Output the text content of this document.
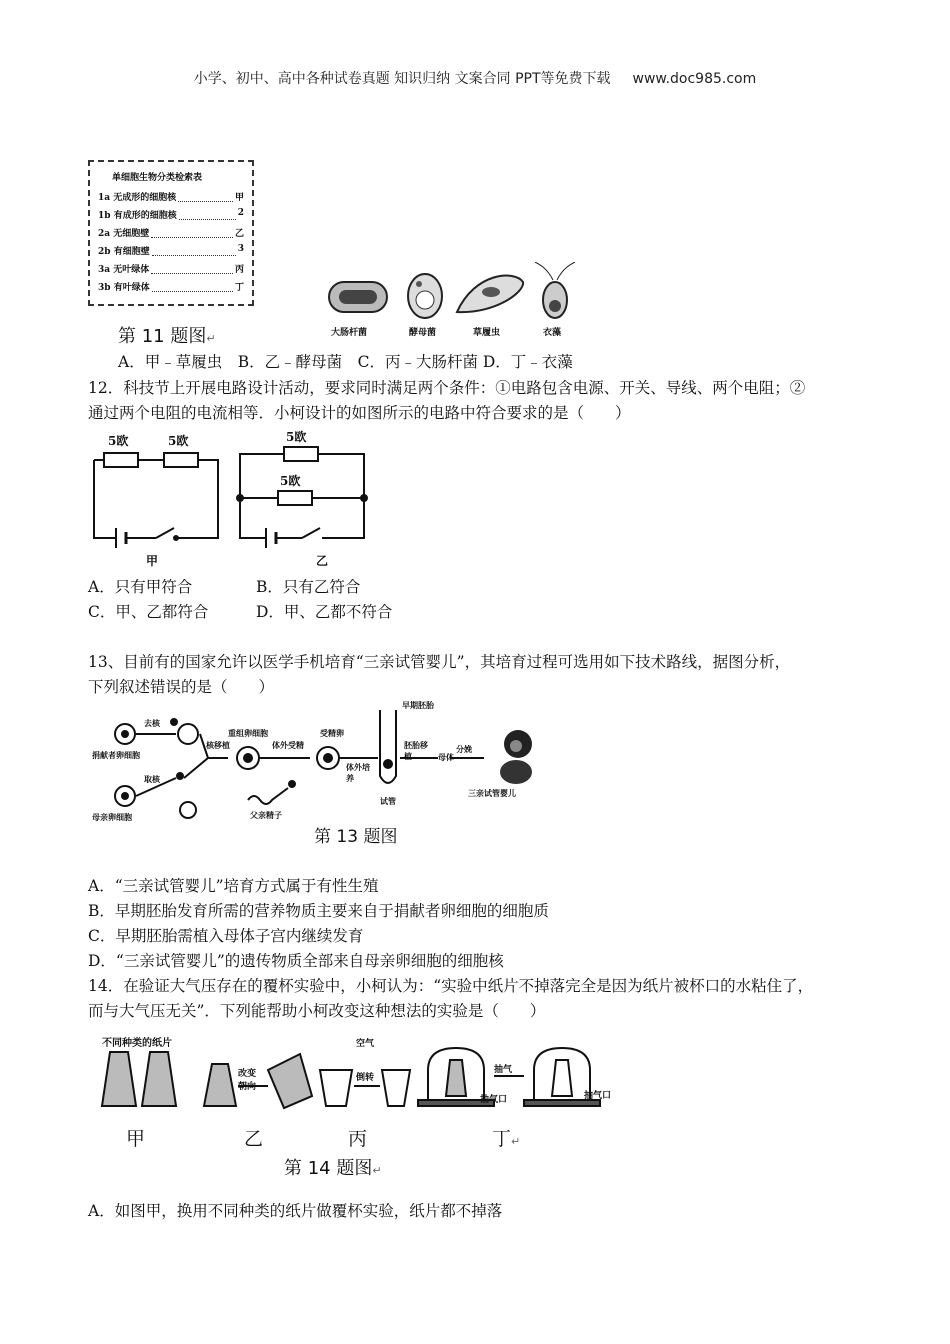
小学、初中、高中各种试卷真题 知识归纳 文案合同 PPT等免费下载 www.doc985.com
单细胞生物分类检索表
1a 无成形的细胞核	甲
1b 有成形的细胞核	2
2a 无细胞壁	乙
2b 有细胞壁	3
3a 无叶绿体	丙
3b 有叶绿体	丁
第 11 题图↵	大肠杆菌	酵母菌	草履虫	衣藻
A．甲﹣草履虫　B．乙﹣酵母菌　C．丙﹣大肠杆菌 D．丁﹣衣藻
12．科技节上开展电路设计活动，要求同时满足两个条件：①电路包含电源、开关、导线、两个电阻；②
通过两个电阻的电流相等．小柯设计的如图所示的电路中符合要求的是（　　）
5欧	5欧	5欧
5欧
甲	乙
A．只有甲符合	B．只有乙符合
C．甲、乙都符合	D．甲、乙都不符合
13、目前有的国家允许以医学手机培育“三亲试管婴儿”，其培育过程可选用如下技术路线，据图分析，
下列叙述错误的是（　　）
捐献者卵细胞
母亲卵细胞
去核
取核
核移植
重组卵细胞
体外受精
受精卵
体外培养
早期胚胎
胚胎移植
试管
母体
分娩
父亲精子
三亲试管婴儿
第 13 题图
A．“三亲试管婴儿”培育方式属于有性生殖
B．早期胚胎发育所需的营养物质主要来自于捐献者卵细胞的细胞质
C．早期胚胎需植入母体子宫内继续发育
D．“三亲试管婴儿”的遗传物质全部来自母亲卵细胞的细胞核
14．在验证大气压存在的覆杯实验中，小柯认为：“实验中纸片不掉落完全是因为纸片被杯口的水粘住了，
而与大气压无关”．下列能帮助小柯改变这种想法的实验是（　　）
不同种类的纸片
改变朝向
空气
倒转
抽气
抽气口	抽气口
甲	乙	丙	丁↵
第 14 题图↵
A．如图甲，换用不同种类的纸片做覆杯实验，纸片都不掉落
